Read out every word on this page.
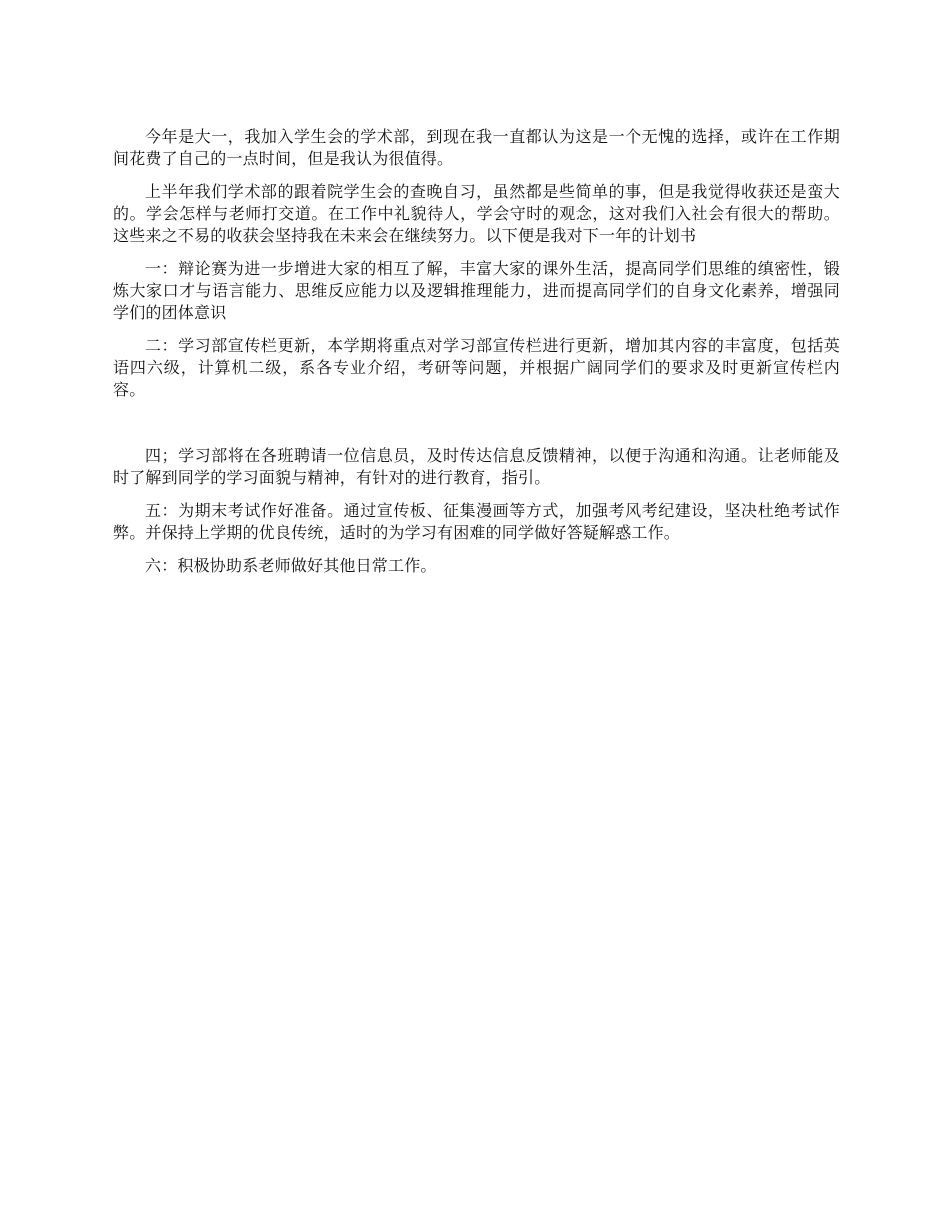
今年是大一，我加入学生会的学术部，到现在我一直都认为这是一个无愧的选择，或许在工作期间花费了自己的一点时间，但是我认为很值得。

上半年我们学术部的跟着院学生会的查晚自习，虽然都是些简单的事，但是我觉得收获还是蛮大的。学会怎样与老师打交道。在工作中礼貌待人，学会守时的观念，这对我们入社会有很大的帮助。这些来之不易的收获会坚持我在未来会在继续努力。以下便是我对下一年的计划书

一：辩论赛为进一步增进大家的相互了解，丰富大家的课外生活，提高同学们思维的缜密性，锻炼大家口才与语言能力、思维反应能力以及逻辑推理能力，进而提高同学们的自身文化素养，增强同学们的团体意识

二：学习部宣传栏更新，本学期将重点对学习部宣传栏进行更新，增加其内容的丰富度，包括英语四六级，计算机二级，系各专业介绍，考研等问题，并根据广阔同学们的要求及时更新宣传栏内容。

四；学习部将在各班聘请一位信息员，及时传达信息反馈精神，以便于沟通和沟通。让老师能及时了解到同学的学习面貌与精神，有针对的进行教育，指引。

五：为期末考试作好准备。通过宣传板、征集漫画等方式，加强考风考纪建设，坚决杜绝考试作弊。并保持上学期的优良传统，适时的为学习有困难的同学做好答疑解惑工作。

六：积极协助系老师做好其他日常工作。
